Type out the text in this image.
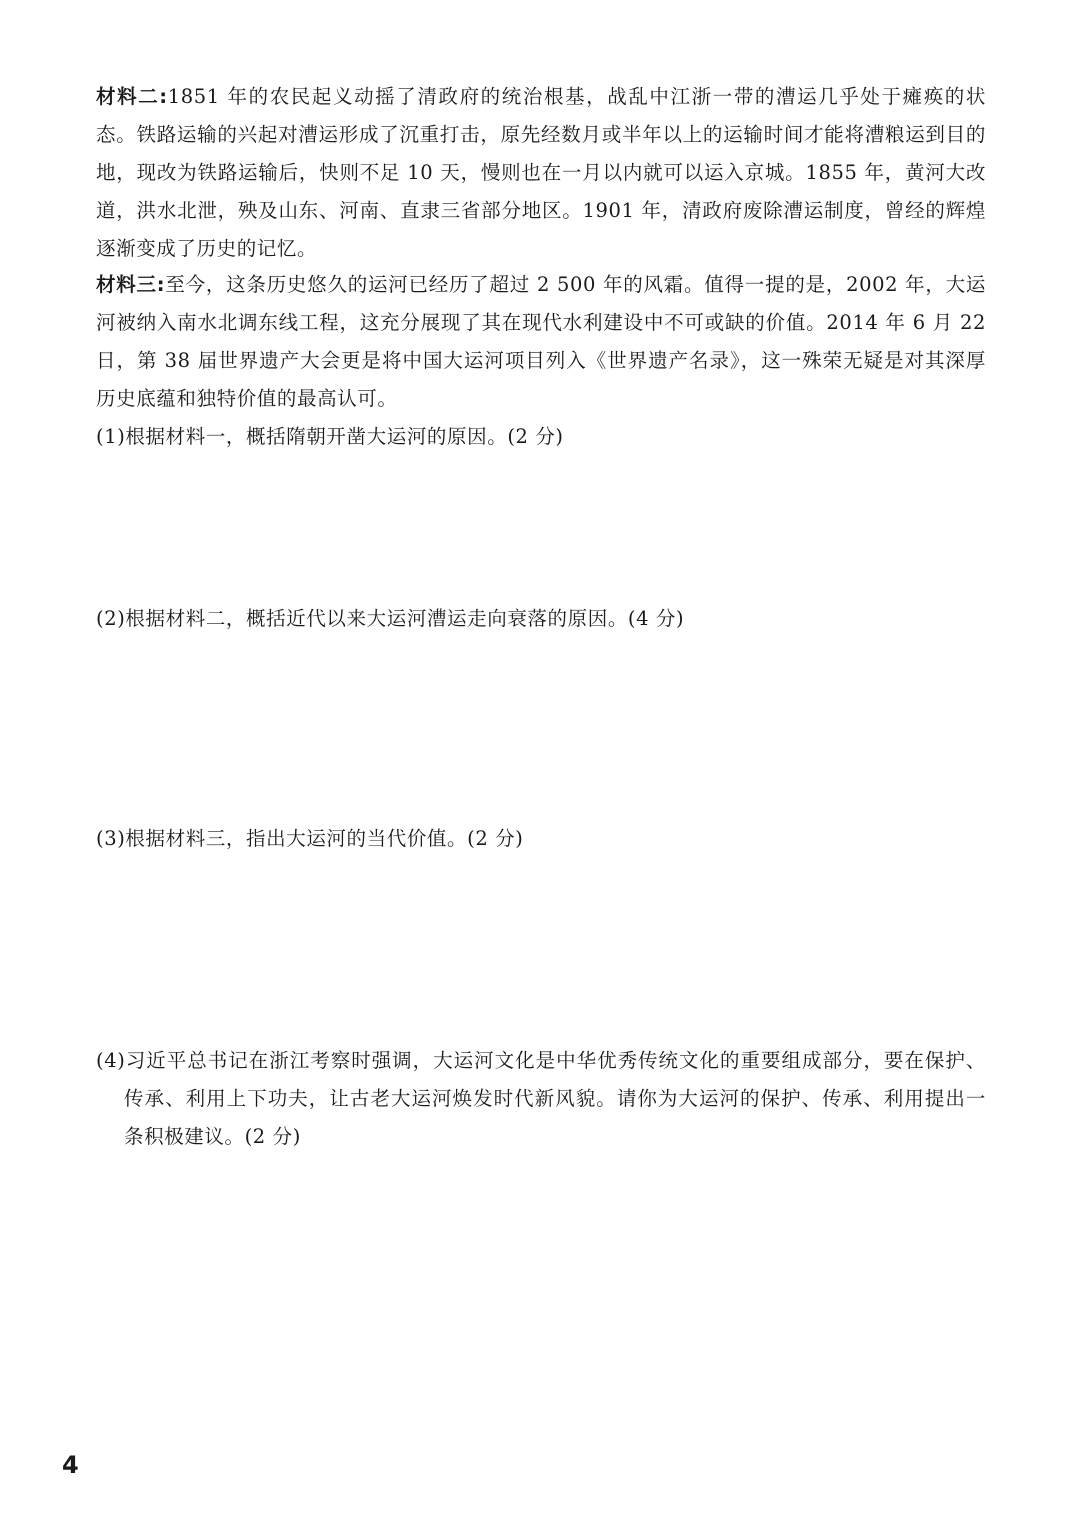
材料二:1851 年的农民起义动摇了清政府的统治根基，战乱中江浙一带的漕运几乎处于瘫痪的状态。铁路运输的兴起对漕运形成了沉重打击，原先经数月或半年以上的运输时间才能将漕粮运到目的地，现改为铁路运输后，快则不足 10 天，慢则也在一月以内就可以运入京城。1855 年，黄河大改道，洪水北泄，殃及山东、河南、直隶三省部分地区。1901 年，清政府废除漕运制度，曾经的辉煌逐渐变成了历史的记忆。

材料三:至今，这条历史悠久的运河已经历了超过 2 500 年的风霜。值得一提的是，2002 年，大运河被纳入南水北调东线工程，这充分展现了其在现代水利建设中不可或缺的价值。2014 年 6 月 22 日，第 38 届世界遗产大会更是将中国大运河项目列入《世界遗产名录》，这一殊荣无疑是对其深厚历史底蕴和独特价值的最高认可。

(1)根据材料一，概括隋朝开凿大运河的原因。(2 分)

(2)根据材料二，概括近代以来大运河漕运走向衰落的原因。(4 分)

(3)根据材料三，指出大运河的当代价值。(2 分)

(4)习近平总书记在浙江考察时强调，大运河文化是中华优秀传统文化的重要组成部分，要在保护、传承、利用上下功夫，让古老大运河焕发时代新风貌。请你为大运河的保护、传承、利用提出一条积极建议。(2 分)

4
